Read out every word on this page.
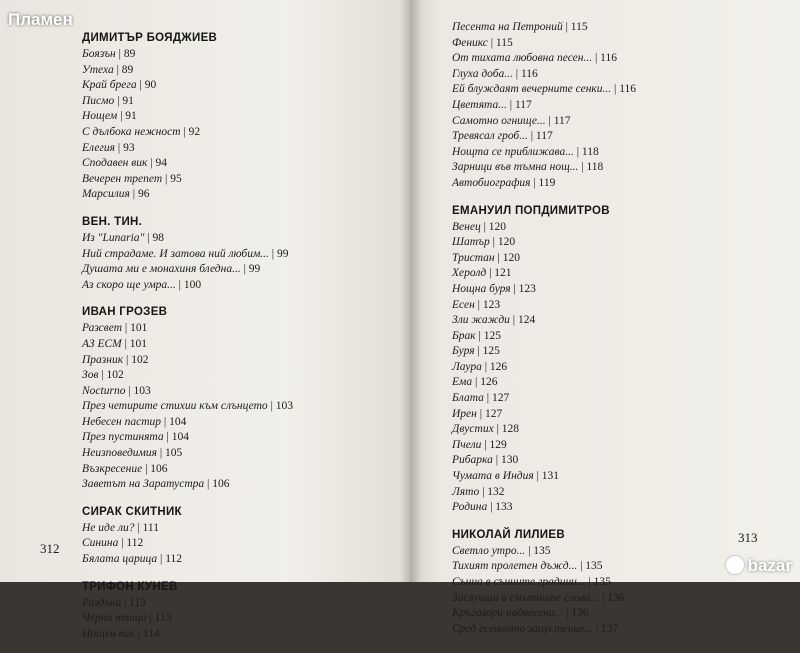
ДИМИТЪР БОЯДЖИЕВ
Боязън | 89
Утеха | 89
Край брега | 90
Писмо | 91
Нощем | 91
С дълбока нежност | 92
Елегия | 93
Сподавен вик | 94
Вечерен трепет | 95
Марсилия | 96
ВЕН. ТИН.
Из "Lunaria" | 98
Ний страдаме. И затова ний любим... | 99
Душата ми е монахиня бледна... | 99
Аз скоро ще умра... | 100
ИВАН ГРОЗЕВ
Разсвет | 101
АЗ ЕСМ | 101
Празник | 102
Зов | 102
Nocturno | 103
През четирите стихии към слънцето | 103
Небесен пастир | 104
През пустинята | 104
Неизповедимия | 105
Възкресение | 106
Заветът на Заратустра | 106
СИРАК СКИТНИК
Не иде ли? | 111
Синина | 112
Бялата царица | 112
ТРИФОН КУНЕВ
Раздъка | 113
Черна птица | 113
Нощен вик | 114
Песента на Петроний | 115
Феникс | 115
От тихата любовна песен... | 116
Глуха доба... | 116
Ей блуждаят вечерните сенки... | 116
Цветята... | 117
Самотно огнище... | 117
Тревясал гроб... | 117
Нощта се приближава... | 118
Зарници във тъмна нощ... | 118
Автобиография | 119
ЕМАНУИЛ ПОПДИМИТРОВ
Венец | 120
Шатър | 120
Тристан | 120
Херолд | 121
Нощна буря | 123
Есен | 123
Зли жажди | 124
Брак | 125
Буря | 125
Лаура | 126
Ема | 126
Блата | 127
Ирен | 127
Двустих | 128
Пчели | 129
Рибарка | 130
Чумата в Индия | 131
Лято | 132
Родина | 133
НИКОЛАЙ ЛИЛИЕВ
Светло утро... | 135
Тихият пролетен дъжд... | 135
Сънна в сънните градини... | 135
Заслушан в смътните слова... | 136
Кръгозори надвесени... | 136
Сред есенното запустение... | 137
312
313
Пламен
bazar
